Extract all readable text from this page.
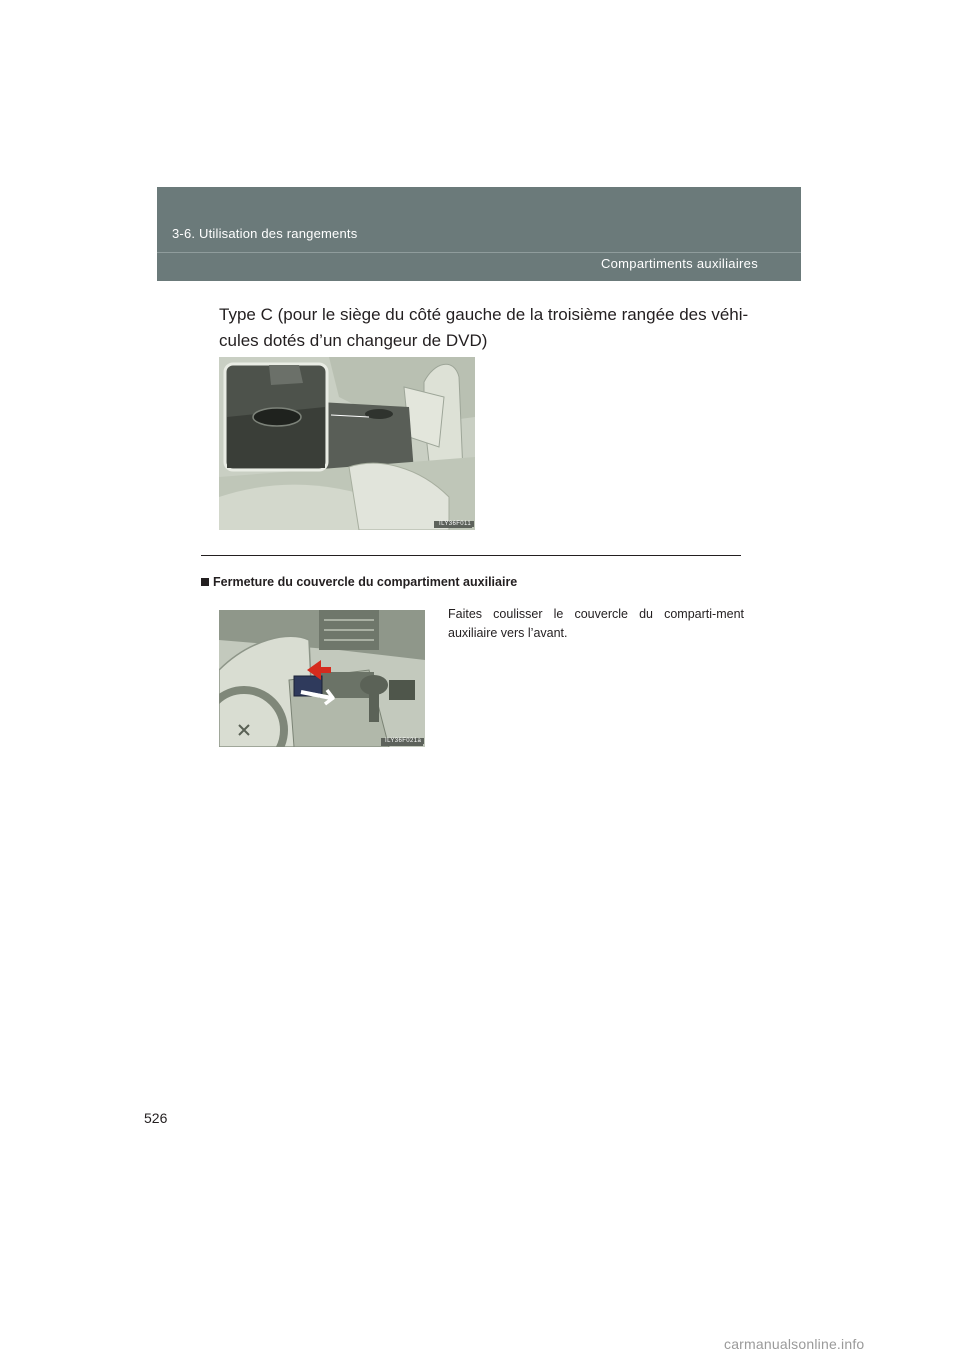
3-6. Utilisation des rangements
Compartiments auxiliaires
Type C (pour le siège du côté gauche de la troisième rangée des véhi-cules dotés d’un changeur de DVD)
ILY36F011
Fermeture du couvercle du compartiment auxiliaire
ILY36F021a
Faites coulisser le couvercle du comparti-ment auxiliaire vers l’avant.
526
carmanualsonline.info
